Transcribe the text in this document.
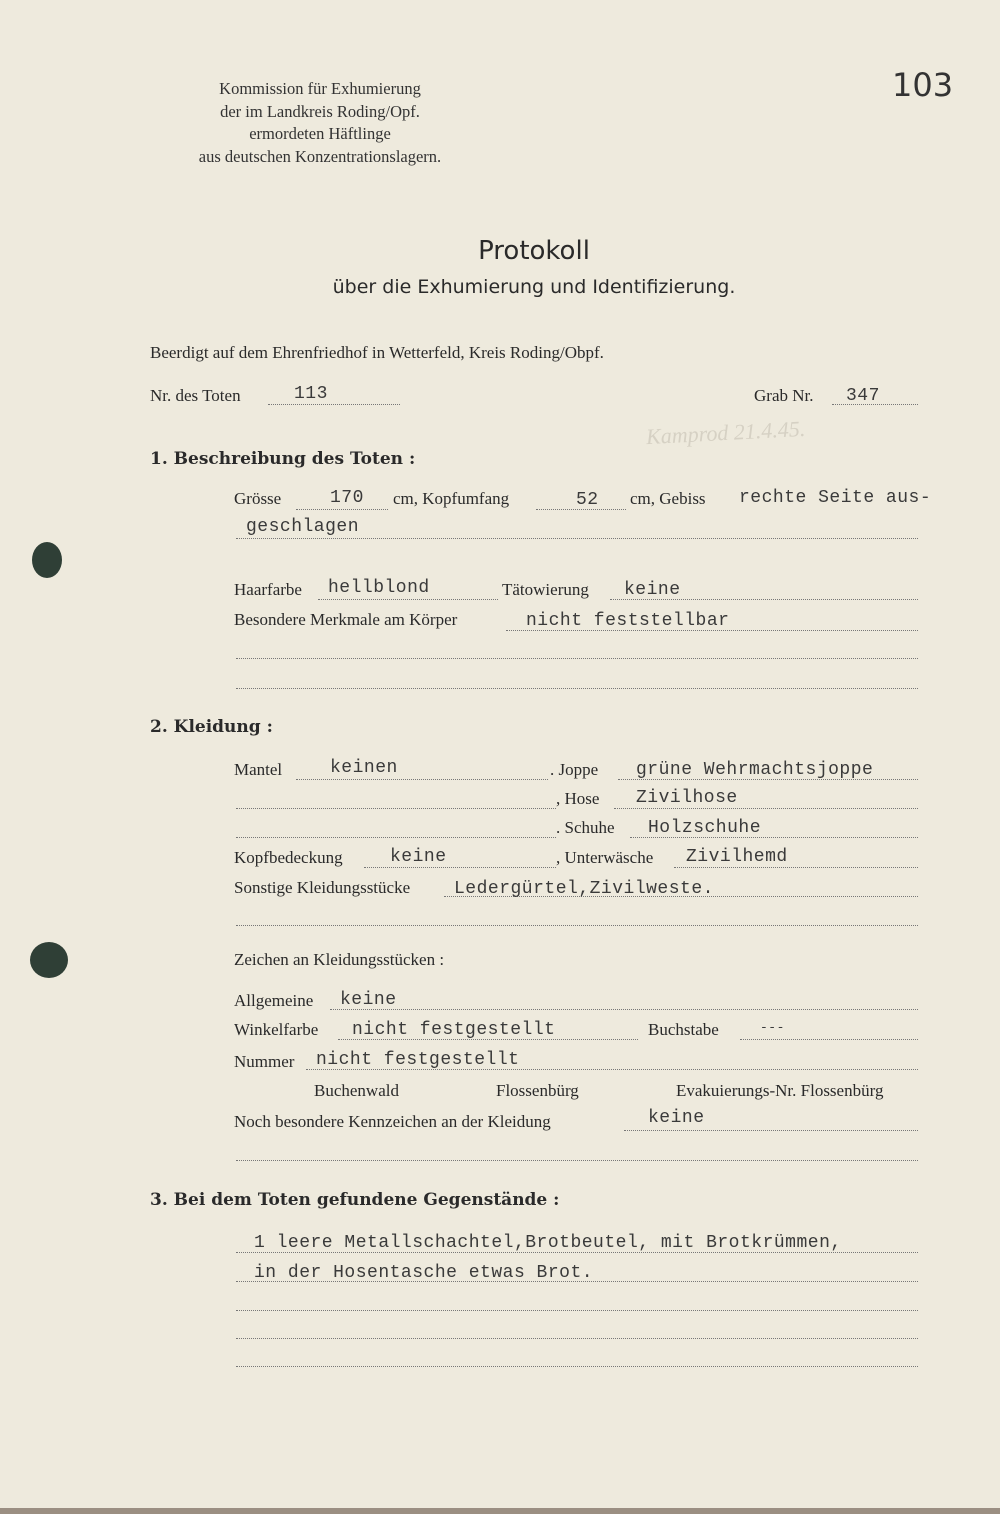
Kommission für Exhumierung
der im Landkreis Roding/Opf.
ermordeten Häftlinge
aus deutschen Konzentrationslagern.
103
Protokoll
über die Exhumierung und Identifizierung.
Beerdigt auf dem Ehrenfriedhof in Wetterfeld, Kreis Roding/Obpf.
Nr. des Toten	113	Grab Nr. 347
Kamprod 21.4.45.
1. Beschreibung des Toten :
Grösse	170 cm, Kopfumfang	52 cm, Gebiss rechte Seite aus-
geschlagen
Haarfarbe hellblond	Tätowierung keine
Besondere Merkmale am Körper	nicht feststellbar
2. Kleidung :
Mantel	keinen	. Joppe grüne Wehrmachtsjoppe
, Hose Zivilhose
. Schuhe Holzschuhe
Kopfbedeckung	keine	, Unterwäsche Zivilhemd
Sonstige Kleidungsstücke Ledergürtel,Zivilweste.
Zeichen an Kleidungsstücken :
Allgemeine keine
Winkelfarbe nicht festgestellt	Buchstabe	---
Nummer nicht festgestellt
Buchenwald	Flossenbürg	Evakuierungs-Nr. Flossenbürg
Noch besondere Kennzeichen an der Kleidung	keine
3. Bei dem Toten gefundene Gegenstände :
1 leere Metallschachtel,Brotbeutel, mit Brotkrümmen,
in der Hosentasche etwas Brot.
